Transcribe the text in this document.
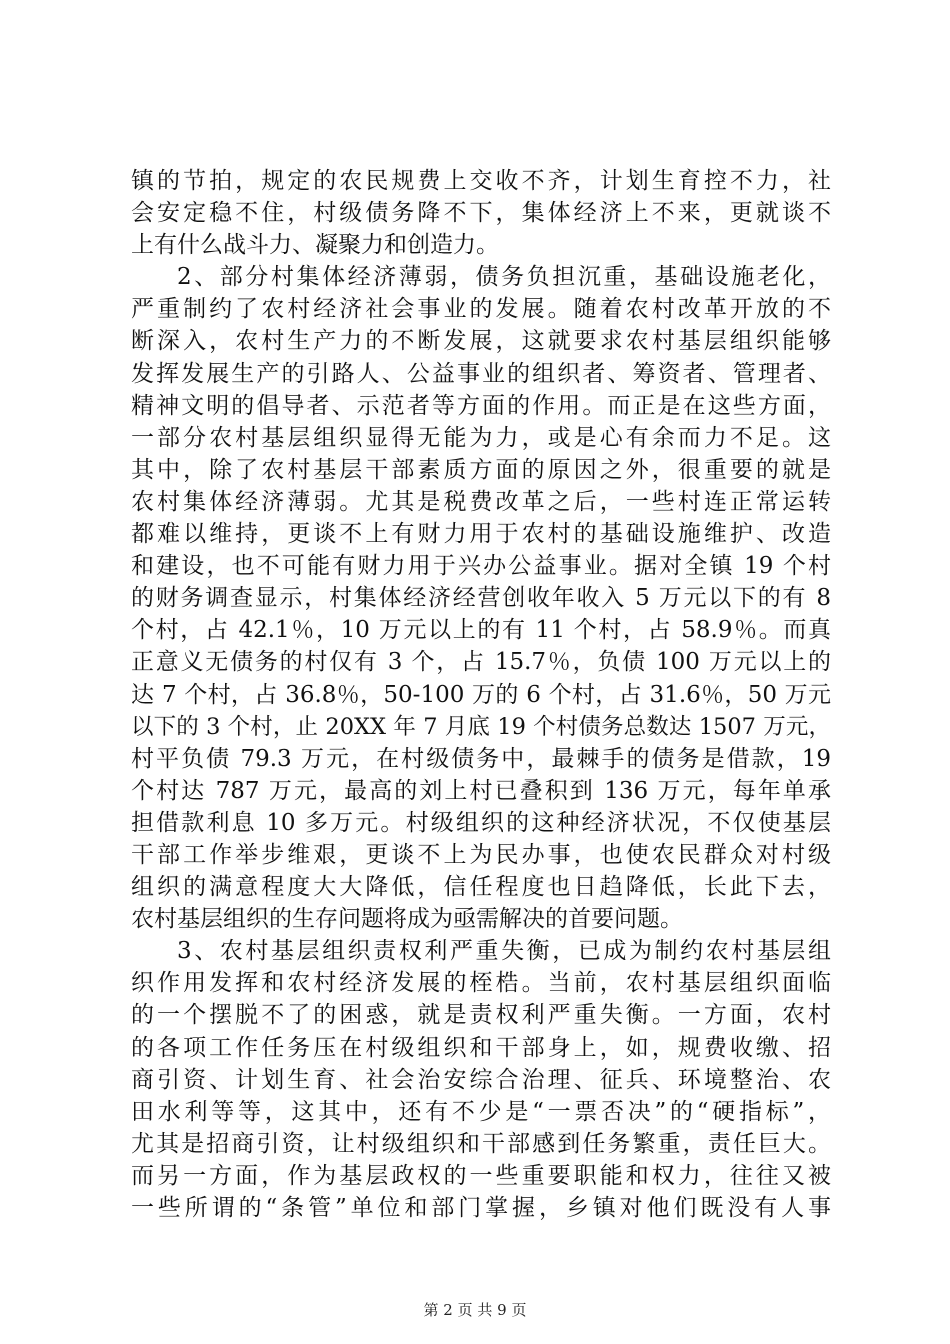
镇的节拍，规定的农民规费上交收不齐，计划生育控不力，社
会安定稳不住，村级债务降不下，集体经济上不来，更就谈不
上有什么战斗力、凝聚力和创造力。
2、部分村集体经济薄弱，债务负担沉重，基础设施老化，
严重制约了农村经济社会事业的发展。随着农村改革开放的不
断深入，农村生产力的不断发展，这就要求农村基层组织能够
发挥发展生产的引路人、公益事业的组织者、筹资者、管理者、
精神文明的倡导者、示范者等方面的作用。而正是在这些方面，
一部分农村基层组织显得无能为力，或是心有余而力不足。这
其中，除了农村基层干部素质方面的原因之外，很重要的就是
农村集体经济薄弱。尤其是税费改革之后，一些村连正常运转
都难以维持，更谈不上有财力用于农村的基础设施维护、改造
和建设，也不可能有财力用于兴办公益事业。据对全镇 19 个村
的财务调查显示，村集体经济经营创收年收入 5 万元以下的有 8
个村，占 42.1％，10 万元以上的有 11 个村，占 58.9％。而真
正意义无债务的村仅有 3 个，占 15.7％，负债 100 万元以上的
达 7 个村，占 36.8％，50-100 万的 6 个村，占 31.6％，50 万元
以下的 3 个村，止 20XX 年 7 月底 19 个村债务总数达 1507 万元，
村平负债 79.3 万元，在村级债务中，最棘手的债务是借款，19
个村达 787 万元，最高的刘上村已叠积到 136 万元，每年单承
担借款利息 10 多万元。村级组织的这种经济状况，不仅使基层
干部工作举步维艰，更谈不上为民办事，也使农民群众对村级
组织的满意程度大大降低，信任程度也日趋降低，长此下去，
农村基层组织的生存问题将成为亟需解决的首要问题。
3、农村基层组织责权利严重失衡，已成为制约农村基层组
织作用发挥和农村经济发展的桎梏。当前，农村基层组织面临
的一个摆脱不了的困惑，就是责权利严重失衡。一方面，农村
的各项工作任务压在村级组织和干部身上，如，规费收缴、招
商引资、计划生育、社会治安综合治理、征兵、环境整治、农
田水利等等，这其中，还有不少是“一票否决”的“硬指标”，
尤其是招商引资，让村级组织和干部感到任务繁重，责任巨大。
而另一方面，作为基层政权的一些重要职能和权力，往往又被
一些所谓的“条管”单位和部门掌握，乡镇对他们既没有人事
第 2 页 共 9 页
